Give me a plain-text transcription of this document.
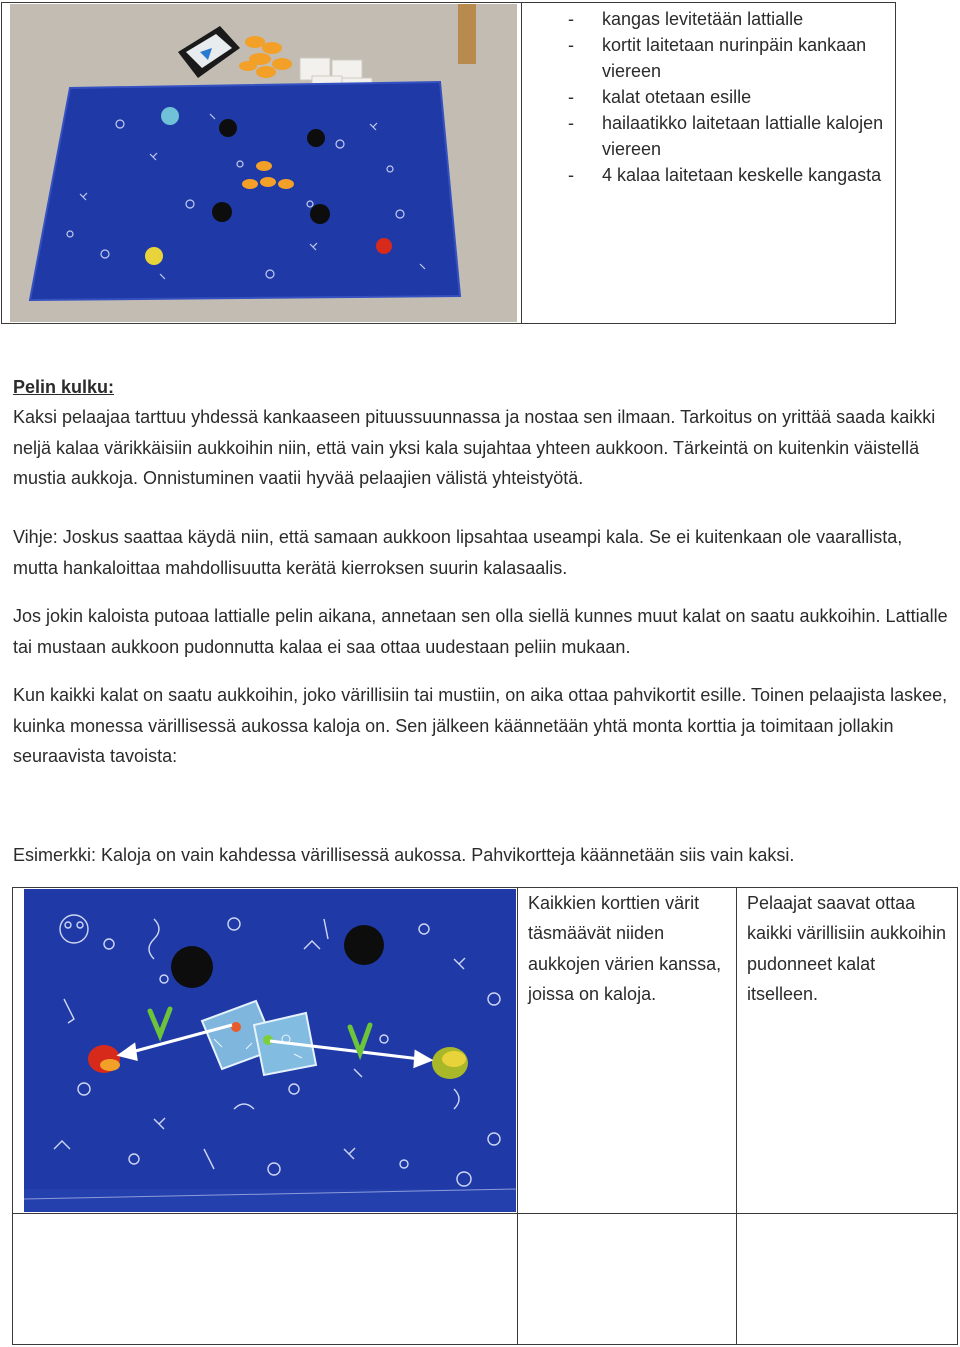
- kangas levitetään lattialle
- kortit laitetaan nurinpäin kankaan viereen
- kalat otetaan esille
- hailaatikko laitetaan lattialle kalojen viereen
- 4 kalaa laitetaan keskelle kangasta

Pelin kulku:

Kaksi pelaajaa tarttuu yhdessä kankaaseen pituussuunnassa ja nostaa sen ilmaan. Tarkoitus on yrittää saada kaikki neljä kalaa värikkäisiin aukkoihin niin, että vain yksi kala sujahtaa yhteen aukkoon. Tärkeintä on kuitenkin väistellä mustia aukkoja. Onnistuminen vaatii hyvää pelaajien välistä yhteistyötä.

Vihje: Joskus saattaa käydä niin, että samaan aukkoon lipsahtaa useampi kala. Se ei kuitenkaan ole vaarallista, mutta hankaloittaa mahdollisuutta kerätä kierroksen suurin kalasaalis.

Jos jokin kaloista putoaa lattialle pelin aikana, annetaan sen olla siellä kunnes muut kalat on saatu aukkoihin. Lattialle tai mustaan aukkoon pudonnutta kalaa ei saa ottaa uudestaan peliin mukaan.

Kun kaikki kalat on saatu aukkoihin, joko värillisiin tai mustiin, on aika ottaa pahvikortit esille. Toinen pelaajista laskee, kuinka monessa värillisessä aukossa kaloja on. Sen jälkeen käännetään yhtä monta korttia ja toimitaan jollakin seuraavista tavoista:

Esimerkki: Kaloja on vain kahdessa värillisessä aukossa. Pahvikortteja käännetään siis vain kaksi.

Kaikkien korttien värit täsmäävät niiden aukkojen värien kanssa, joissa on kaloja.

Pelaajat saavat ottaa kaikki värillisiin aukkoihin pudonneet kalat itselleen.
